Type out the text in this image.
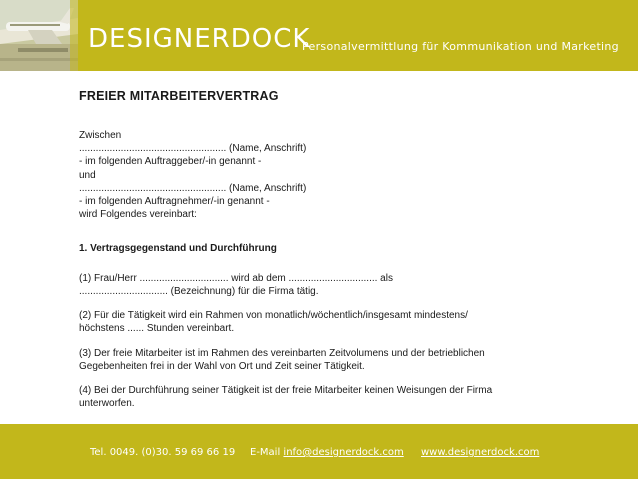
DESIGNERDOCK
Personalvermittlung für Kommunikation und Marketing
FREIER MITARBEITERVERTRAG
Zwischen
..................................................... (Name, Anschrift)
- im folgenden Auftraggeber/-in genannt -
und
..................................................... (Name, Anschrift)
- im folgenden Auftragnehmer/-in genannt -
wird Folgendes vereinbart:
1. Vertragsgegenstand und Durchführung
(1) Frau/Herr ................................ wird ab dem ................................ als
................................ (Bezeichnung) für die Firma tätig.
(2) Für die Tätigkeit wird ein Rahmen von monatlich/wöchentlich/insgesamt mindestens/
höchstens ...... Stunden vereinbart.
(3) Der freie Mitarbeiter ist im Rahmen des vereinbarten Zeitvolumens und der betrieblichen
Gegebenheiten frei in der Wahl von Ort und Zeit seiner Tätigkeit.
(4) Bei der Durchführung seiner Tätigkeit ist der freie Mitarbeiter keinen Weisungen der Firma
unterworfen.
Tel. 0049. (0)30. 59 69 66 19 E-Mail info@designerdock.com www.designerdock.com
